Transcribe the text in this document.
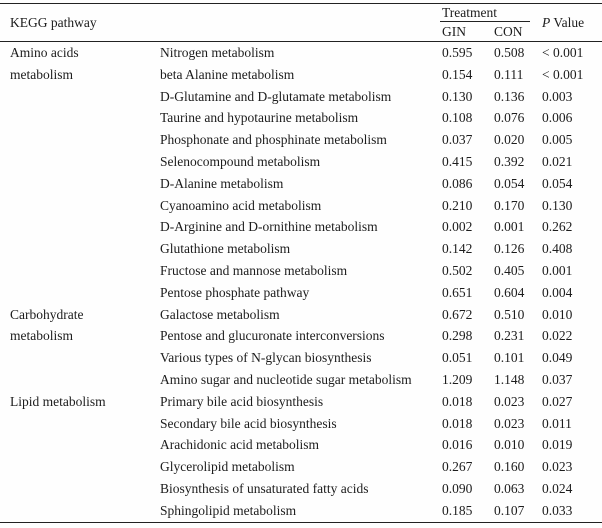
KEGG pathway		Treatment		P Value
		GIN	CON	
Amino acids metabolism	Nitrogen metabolism	0.595	0.508	< 0.001
	beta Alanine metabolism	0.154	0.111	< 0.001
	D-Glutamine and D-glutamate metabolism	0.130	0.136	0.003
	Taurine and hypotaurine metabolism	0.108	0.076	0.006
	Phosphonate and phosphinate metabolism	0.037	0.020	0.005
	Selenocompound metabolism	0.415	0.392	0.021
	D-Alanine metabolism	0.086	0.054	0.054
	Cyanoamino acid metabolism	0.210	0.170	0.130
	D-Arginine and D-ornithine metabolism	0.002	0.001	0.262
	Glutathione metabolism	0.142	0.126	0.408
	Fructose and mannose metabolism	0.502	0.405	0.001
	Pentose phosphate pathway	0.651	0.604	0.004
Carbohydrate metabolism	Galactose metabolism	0.672	0.510	0.010
	Pentose and glucuronate interconversions	0.298	0.231	0.022
	Various types of N-glycan biosynthesis	0.051	0.101	0.049
	Amino sugar and nucleotide sugar metabolism	1.209	1.148	0.037
Lipid metabolism	Primary bile acid biosynthesis	0.018	0.023	0.027
	Secondary bile acid biosynthesis	0.018	0.023	0.011
	Arachidonic acid metabolism	0.016	0.010	0.019
	Glycerolipid metabolism	0.267	0.160	0.023
	Biosynthesis of unsaturated fatty acids	0.090	0.063	0.024
	Sphingolipid metabolism	0.185	0.107	0.033
